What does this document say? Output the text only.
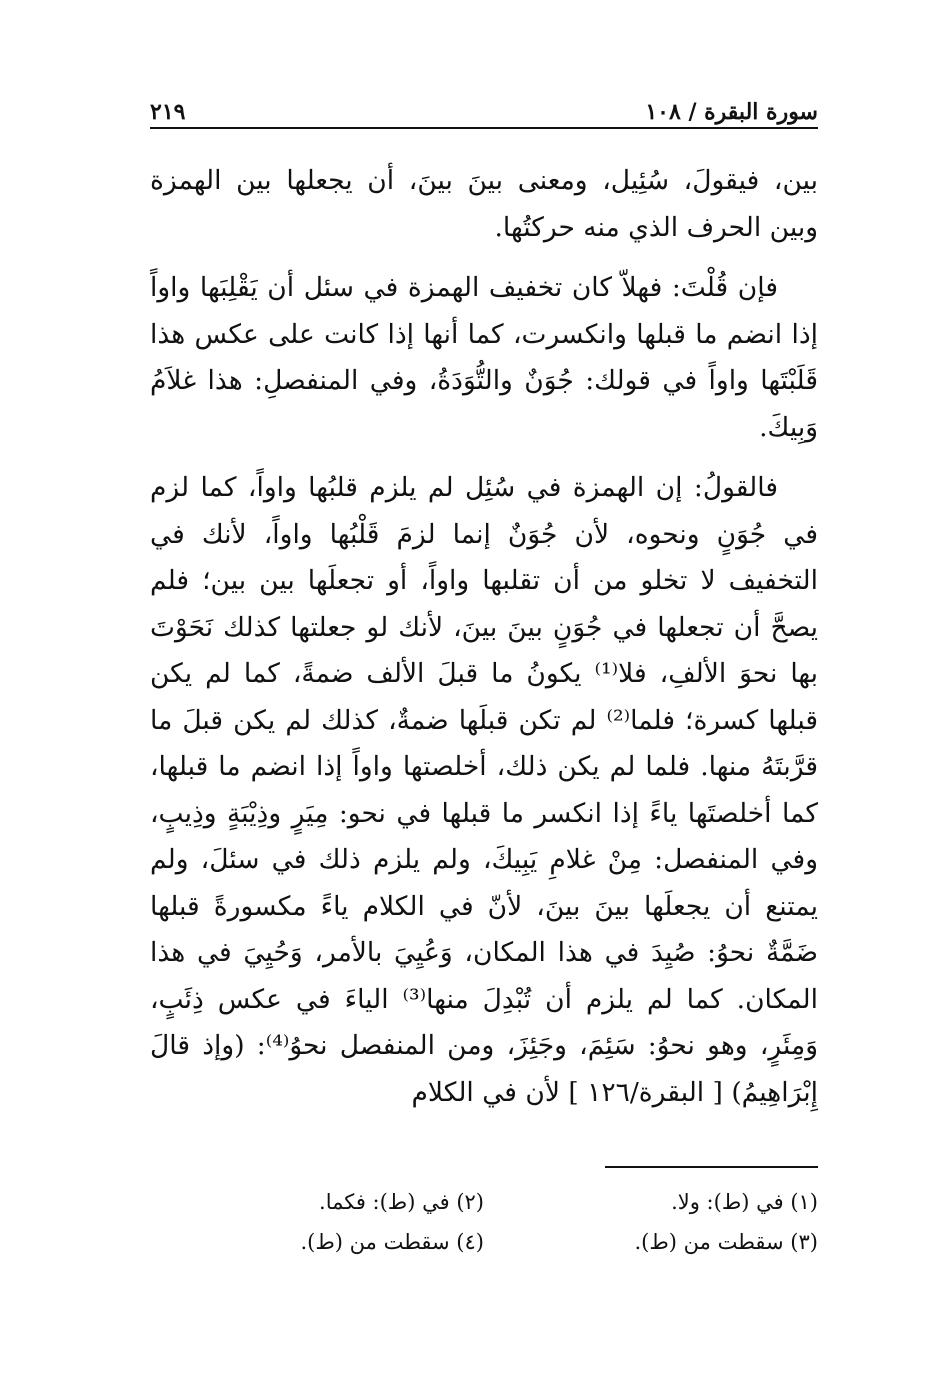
سورة البقرة / ١٠٨
٢١٩

بين، فيقولَ، سُئِيل، ومعنى بينَ بينَ، أن يجعلها بين الهمزة وبين الحرف الذي منه حركتُها.

فإن قُلْتَ: فهلاّ كان تخفيف الهمزة في سئل أن يَقْلِبَها واواً إذا انضم ما قبلها وانكسرت، كما أنها إذا كانت على عكس هذا قَلَبْتَها واواً في قولك: جُوَنٌ والتُّوَدَةُ، وفي المنفصلِ: هذا غلاَمُ وَبِيكَ.

فالقولُ: إن الهمزة في سُئِل لم يلزم قلبُها واواً، كما لزم في جُوَنٍ ونحوه، لأن جُوَنٌ إنما لزمَ قَلْبُها واواً، لأنك في التخفيف لا تخلو من أن تقلبها واواً، أو تجعلَها بين بين؛ فلم يصحَّ أن تجعلها في جُوَنٍ بينَ بينَ، لأنك لو جعلتها كذلك نَحَوْتَ بها نحوَ الألفِ، فلا⁽¹⁾ يكونُ ما قبلَ الألف ضمةً، كما لم يكن قبلها كسرة؛ فلما⁽²⁾ لم تكن قبلَها ضمةٌ، كذلك لم يكن قبلَ ما قرَّبتَهُ منها. فلما لم يكن ذلك، أخلصتها واواً إذا انضم ما قبلها، كما أخلصتَها ياءً إذا انكسر ما قبلها في نحو: مِيَرٍ وذِيْبَةٍ وذِيبٍ، وفي المنفصل: مِنْ غلامِ يَبِيكَ، ولم يلزم ذلك في سئلَ، ولم يمتنع أن يجعلَها بينَ بينَ، لأنّ في الكلام ياءً مكسورةً قبلها ضَمَّةٌ نحوُ: صُيِدَ في هذا المكان، وَعُيِيَ بالأمر، وَحُيِيَ في هذا المكان. كما لم يلزم أن تُبْدِلَ منها⁽³⁾ الياءَ في عكس ذِئَبٍ، وَمِئَرٍ، وهو نحوُ: سَئِمَ، وجَئِزَ، ومن المنفصل نحوُ⁽⁴⁾: (وإذ قالَ إِبْرَاهِيمُ) [ البقرة/١٢٦ ] لأن في الكلام

(١) في (ط): ولا.
(٢) في (ط): فكما.
(٣) سقطت من (ط).
(٤) سقطت من (ط).
